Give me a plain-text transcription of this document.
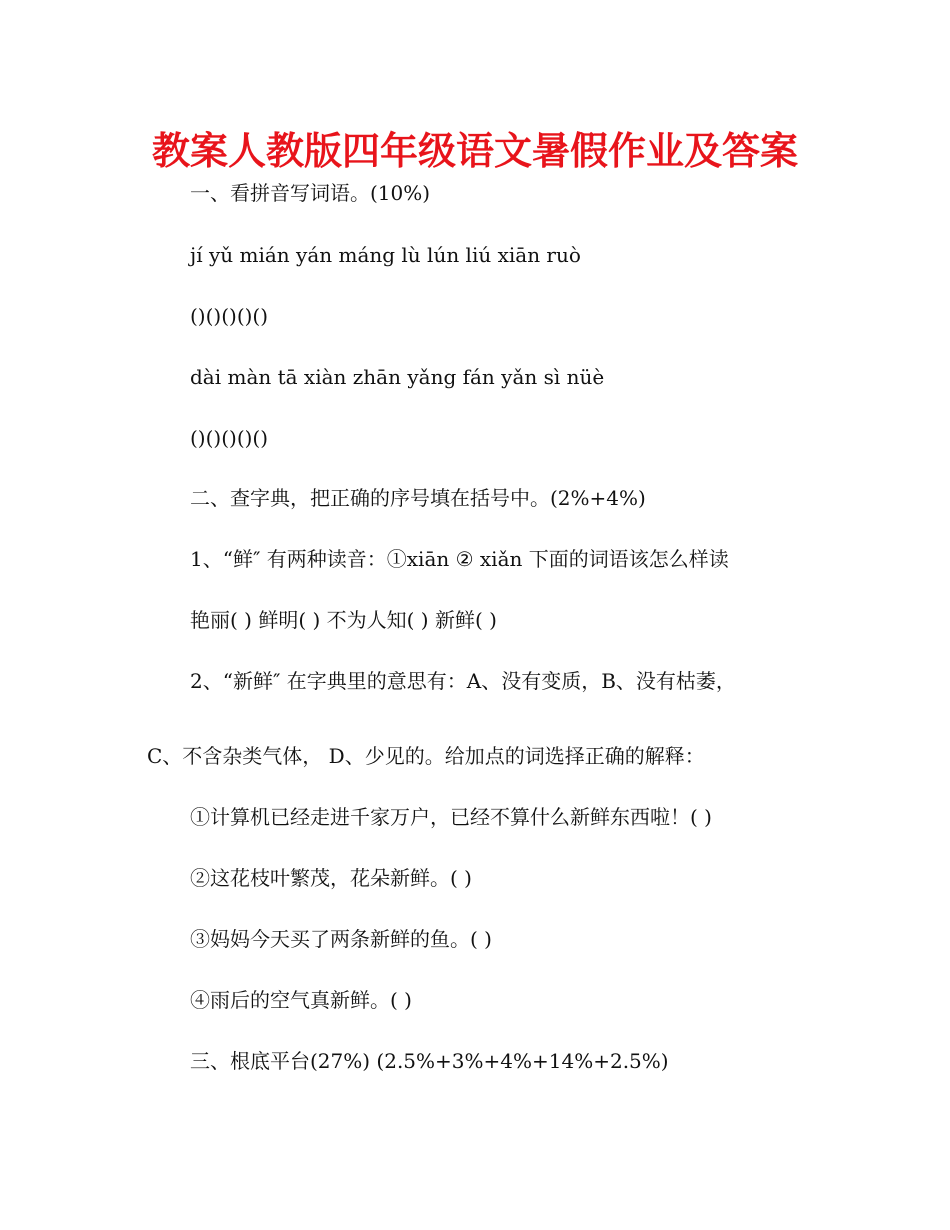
教案人教版四年级语文暑假作业及答案
一、看拼音写词语。(10%)
jí yǔ mián yán máng lù lún liú xiān ruò
()()()()()
dài màn tā xiàn zhān yǎng fán yǎn sì nüè
()()()()()
二、查字典，把正确的序号填在括号中。(2%+4%)
1、“鲜″ 有两种读音：①xiān ② xiǎn 下面的词语该怎么样读
艳丽( ) 鲜明( ) 不为人知( ) 新鲜( )
2、“新鲜″ 在字典里的意思有：A、没有变质，B、没有枯萎，
C、不含杂类气体， D、少见的。给加点的词选择正确的解释：
①计算机已经走进千家万户，已经不算什么新鲜东西啦！( )
②这花枝叶繁茂，花朵新鲜。( )
③妈妈今天买了两条新鲜的鱼。( )
④雨后的空气真新鲜。( )
三、根底平台(27%) (2.5%+3%+4%+14%+2.5%)
